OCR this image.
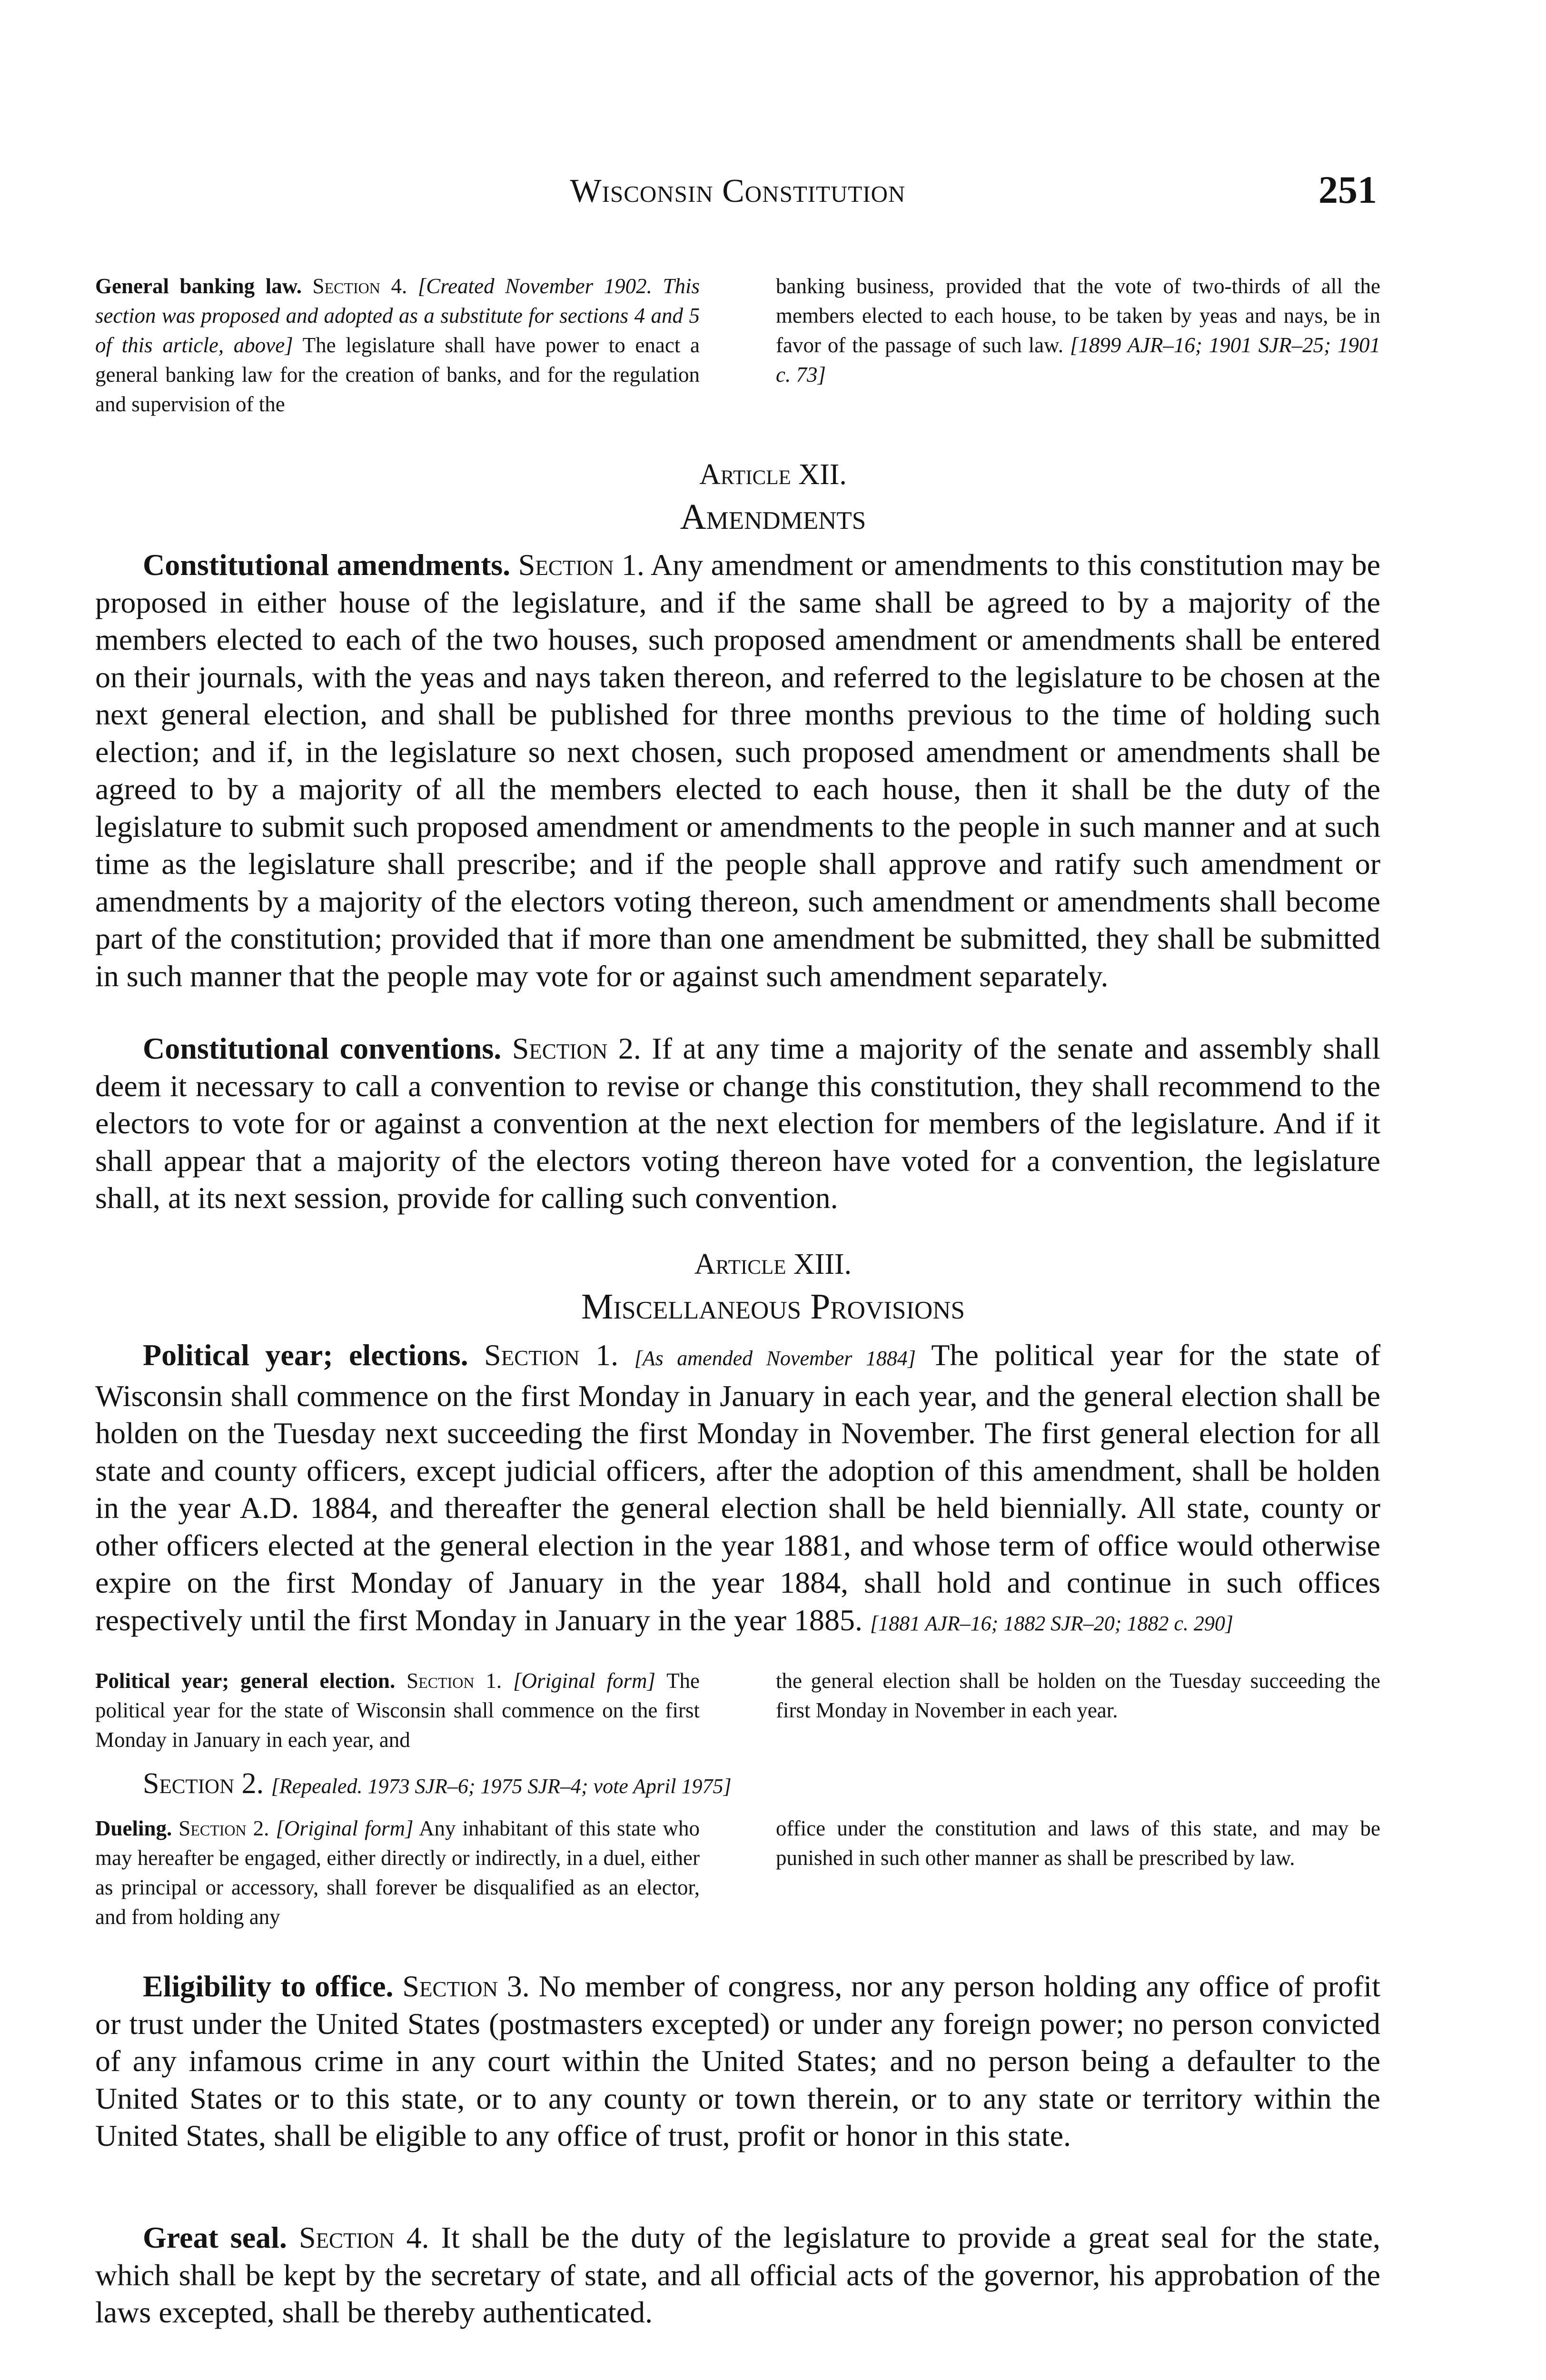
Wisconsin Constitution	251

General banking law. Section 4. [Created November 1902. This section was proposed and adopted as a substitute for sections 4 and 5 of this article, above] The legislature shall have power to enact a general banking law for the creation of banks, and for the regulation and supervision of the

banking business, provided that the vote of two-thirds of all the members elected to each house, to be taken by yeas and nays, be in favor of the passage of such law. [1899 AJR–16; 1901 SJR–25; 1901 c. 73]

Article XII.
Amendments

Constitutional amendments. Section 1. Any amendment or amendments to this constitution may be proposed in either house of the legislature, and if the same shall be agreed to by a majority of the members elected to each of the two houses, such proposed amendment or amendments shall be entered on their journals, with the yeas and nays taken thereon, and referred to the legislature to be chosen at the next general election, and shall be published for three months previous to the time of holding such election; and if, in the legislature so next chosen, such proposed amendment or amendments shall be agreed to by a majority of all the members elected to each house, then it shall be the duty of the legislature to submit such proposed amendment or amendments to the people in such manner and at such time as the legislature shall prescribe; and if the people shall approve and ratify such amendment or amendments by a majority of the electors voting thereon, such amendment or amendments shall become part of the constitution; provided that if more than one amendment be submitted, they shall be submitted in such manner that the people may vote for or against such amendment separately.

Constitutional conventions. Section 2. If at any time a majority of the senate and assembly shall deem it necessary to call a convention to revise or change this constitution, they shall recommend to the electors to vote for or against a convention at the next election for members of the legislature. And if it shall appear that a majority of the electors voting thereon have voted for a convention, the legislature shall, at its next session, provide for calling such convention.

Article XIII.
Miscellaneous Provisions

Political year; elections. Section 1. [As amended November 1884] The political year for the state of Wisconsin shall commence on the first Monday in January in each year, and the general election shall be holden on the Tuesday next succeeding the first Monday in November. The first general election for all state and county officers, except judicial officers, after the adoption of this amendment, shall be holden in the year A.D. 1884, and thereafter the general election shall be held biennially. All state, county or other officers elected at the general election in the year 1881, and whose term of office would otherwise expire on the first Monday of January in the year 1884, shall hold and continue in such offices respectively until the first Monday in January in the year 1885. [1881 AJR–16; 1882 SJR–20; 1882 c. 290]

Political year; general election. Section 1. [Original form] The political year for the state of Wisconsin shall commence on the first Monday in January in each year, and

the general election shall be holden on the Tuesday succeeding the first Monday in November in each year.

Section 2. [Repealed. 1973 SJR–6; 1975 SJR–4; vote April 1975]

Dueling. Section 2. [Original form] Any inhabitant of this state who may hereafter be engaged, either directly or indirectly, in a duel, either as principal or accessory, shall forever be disqualified as an elector, and from holding any

office under the constitution and laws of this state, and may be punished in such other manner as shall be prescribed by law.

Eligibility to office. Section 3. No member of congress, nor any person holding any office of profit or trust under the United States (postmasters excepted) or under any foreign power; no person convicted of any infamous crime in any court within the United States; and no person being a defaulter to the United States or to this state, or to any county or town therein, or to any state or territory within the United States, shall be eligible to any office of trust, profit or honor in this state.

Great seal. Section 4. It shall be the duty of the legislature to provide a great seal for the state, which shall be kept by the secretary of state, and all official acts of the governor, his approbation of the laws excepted, shall be thereby authenticated.
